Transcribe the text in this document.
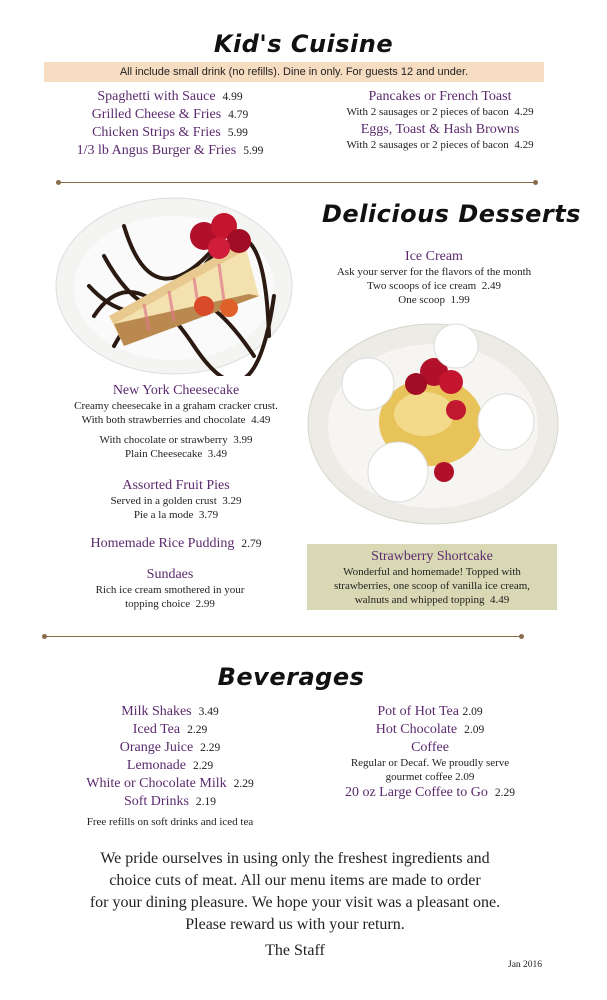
Kid's Cuisine
All include small drink (no refills). Dine in only. For guests 12 and under.
Spaghetti with Sauce 4.99
Grilled Cheese & Fries 4.79
Chicken Strips & Fries 5.99
1/3 lb Angus Burger & Fries 5.99
Pancakes or French Toast
With 2 sausages or 2 pieces of bacon 4.29
Eggs, Toast & Hash Browns
With 2 sausages or 2 pieces of bacon 4.29
Delicious Desserts
Ice Cream
Ask your server for the flavors of the month
Two scoops of ice cream 2.49
One scoop 1.99
New York Cheesecake
Creamy cheesecake in a graham cracker crust.
With both strawberries and chocolate 4.49
With chocolate or strawberry 3.99
Plain Cheesecake 3.49
Assorted Fruit Pies
Served in a golden crust 3.29
Pie a la mode 3.79
Homemade Rice Pudding 2.79
Sundaes
Rich ice cream smothered in your
topping choice 2.99
Strawberry Shortcake
Wonderful and homemade! Topped with
strawberries, one scoop of vanilla ice cream,
walnuts and whipped topping 4.49
Beverages
Milk Shakes 3.49
Iced Tea 2.29
Orange Juice 2.29
Lemonade 2.29
White or Chocolate Milk 2.29
Soft Drinks 2.19
Free refills on soft drinks and iced tea
Pot of Hot Tea 2.09
Hot Chocolate 2.09
Coffee
Regular or Decaf. We proudly serve
gourmet coffee 2.09
20 oz Large Coffee to Go 2.29
We pride ourselves in using only the freshest ingredients and
choice cuts of meat. All our menu items are made to order
for your dining pleasure. We hope your visit was a pleasant one.
Please reward us with your return.
The Staff
Jan 2016
